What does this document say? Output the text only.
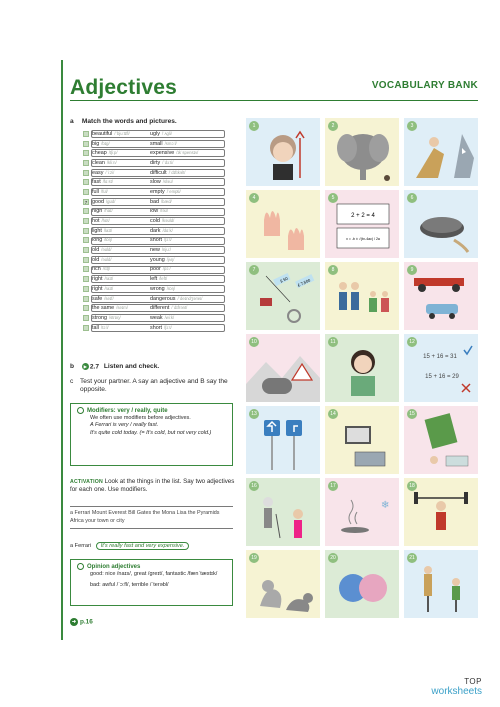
Adjectives	VOCABULARY BANK
a Match the words and pictures.
beautiful /ˈbjuːtɪfl/	ugly /ˈʌɡli/
big /bɪɡ/	small /smɔːl/
cheap /tʃiːp/	expensive /ɪkˈspensɪv/
clean /kliːn/	dirty /ˈdɜːti/
easy /ˈiːzi/	difficult /ˈdɪfɪkəlt/
fast /fɑːst/	slow /sləʊ/
full /fʊl/	empty /ˈempti/
7 good /ɡʊd/	bad /bæd/
high /haɪ/	low /ləʊ/
hot /hɒt/	cold /kəʊld/
light /laɪt/	dark /dɑːk/
long /lɒŋ/	short /ʃɔːt/
old /əʊld/	new /njuː/
old /əʊld/	young /jʌŋ/
rich /rɪtʃ/	poor /pɔː/
right /raɪt/	left /left/
right /raɪt/	wrong /rɒŋ/
safe /seɪf/	dangerous /ˈdeɪndʒərəs/
the same /seɪm/	different /ˈdɪfrənt/
strong /strɒŋ/	weak /wiːk/
tall /tɔːl/	short /ʃɔːt/
b ▶ 2.7 Listen and check.
c	Test your partner. A say an adjective and B say the opposite.
Modifiers: very / really, quite
We often use modifiers before adjectives.
A Ferrari is very / really fast.
It's quite cold today. (= It's cold, but not very cold.)
ACTIVATION Look at the things in the list. Say two adjectives for each one. Use modifiers.
a Ferrari Mount Everest Bill Gates the Mona Lisa the Pyramids Africa your town or city
a Ferrari It's really fast and very expensive.
Opinion adjectives
good: nice /naɪs/, great /ɡreɪt/, fantastic /fænˈtæstɪk/
bad: awful /ˈɔːfl/, terrible /ˈterəbl/
➜ p.16
1	2	3
4	5
2 + 2 = 4
x = -b ± √(b²-4ac) / 2a
6
7
£ 50 £ 7,500
8	9
10	11	12
15 + 16 = 31
15 + 16 = 29
13	14	15
16	17
❄
18
19	20	21
TOP
worksheets
